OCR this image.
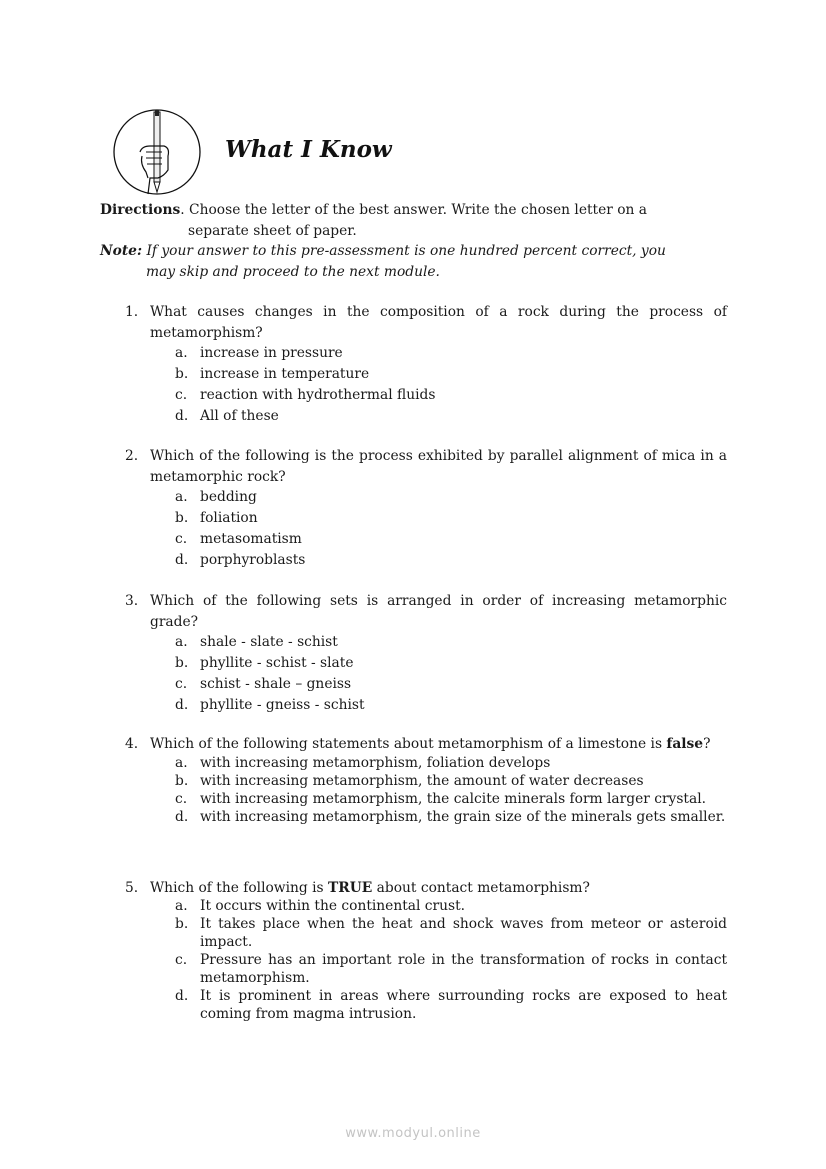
What I Know
Directions. Choose the letter of the best answer. Write the chosen letter on a
separate sheet of paper.
Note: If your answer to this pre-assessment is one hundred percent correct, you
may skip and proceed to the next module.
1. What causes changes in the composition of a rock during the process of metamorphism?
a. increase in pressure
b. increase in temperature
c. reaction with hydrothermal fluids
d. All of these
2. Which of the following is the process exhibited by parallel alignment of mica in a metamorphic rock?
a. bedding
b. foliation
c. metasomatism
d. porphyroblasts
3. Which of the following sets is arranged in order of increasing metamorphic grade?
a. shale - slate - schist
b. phyllite - schist - slate
c. schist - shale – gneiss
d. phyllite - gneiss - schist
4. Which of the following statements about metamorphism of a limestone is false?
a. with increasing metamorphism, foliation develops
b. with increasing metamorphism, the amount of water decreases
c. with increasing metamorphism, the calcite minerals form larger crystal.
d. with increasing metamorphism, the grain size of the minerals gets smaller.
5. Which of the following is TRUE about contact metamorphism?
a. It occurs within the continental crust.
b. It takes place when the heat and shock waves from meteor or asteroid impact.
c. Pressure has an important role in the transformation of rocks in contact metamorphism.
d. It is prominent in areas where surrounding rocks are exposed to heat coming from magma intrusion.
www.modyul.online
